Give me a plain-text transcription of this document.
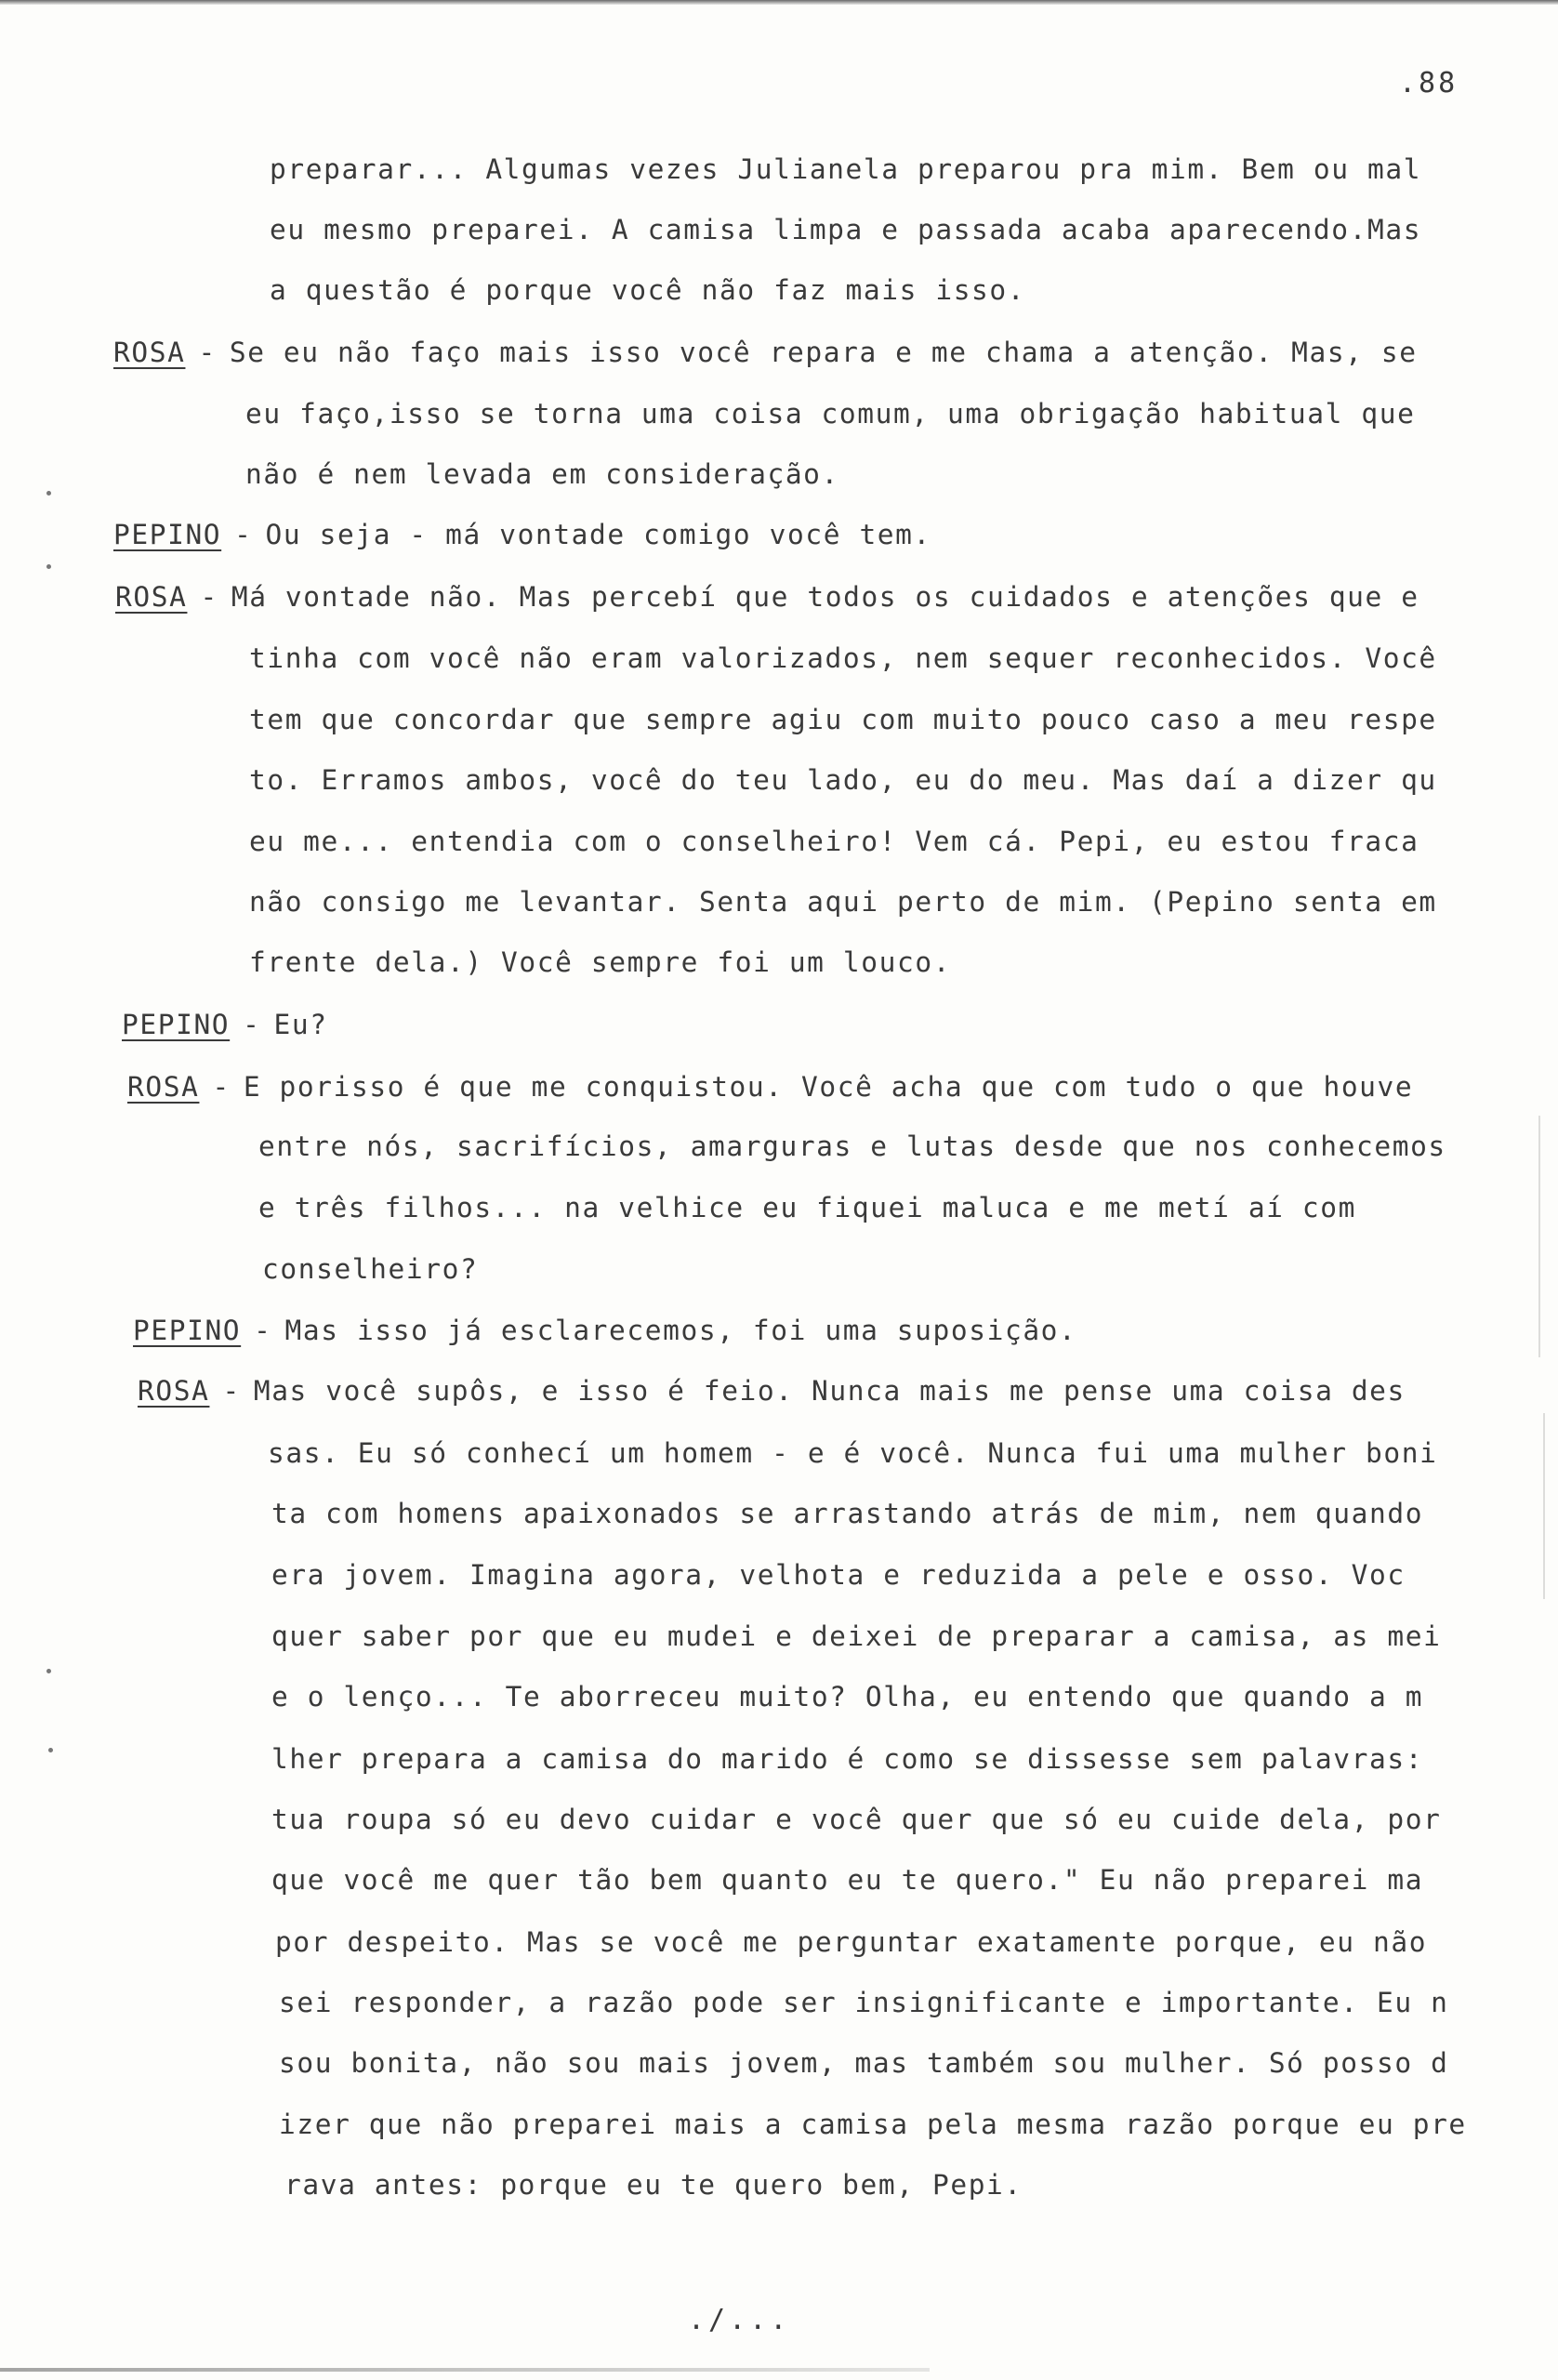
.88
preparar... Algumas vezes Julianela preparou pra mim. Bem ou mal
eu mesmo preparei. A camisa limpa e passada acaba aparecendo.Mas
a questão é porque você não faz mais isso.
ROSA - Se eu não faço mais isso você repara e me chama a atenção. Mas, se
eu faço,isso se torna uma coisa comum, uma obrigação habitual que
não é nem levada em consideração.
PEPINO - Ou seja - má vontade comigo você tem.
ROSA - Má vontade não. Mas percebí que todos os cuidados e atenções que e
tinha com você não eram valorizados, nem sequer reconhecidos. Você
tem que concordar que sempre agiu com muito pouco caso a meu respe
to. Erramos ambos, você do teu lado, eu do meu. Mas daí a dizer qu
eu me... entendia com o conselheiro! Vem cá. Pepi, eu estou fraca
não consigo me levantar. Senta aqui perto de mim. (Pepino senta em
frente dela.) Você sempre foi um louco.
PEPINO - Eu?
ROSA - E porisso é que me conquistou. Você acha que com tudo o que houve
entre nós, sacrifícios, amarguras e lutas desde que nos conhecemos
e três filhos... na velhice eu fiquei maluca e me metí aí com
conselheiro?
PEPINO - Mas isso já esclarecemos, foi uma suposição.
ROSA - Mas você supôs, e isso é feio. Nunca mais me pense uma coisa des
sas. Eu só conhecí um homem - e é você. Nunca fui uma mulher boni
ta com homens apaixonados se arrastando atrás de mim, nem quando
era jovem. Imagina agora, velhota e reduzida a pele e osso. Voc
quer saber por que eu mudei e deixei de preparar a camisa, as mei
e o lenço... Te aborreceu muito? Olha, eu entendo que quando a m
lher prepara a camisa do marido é como se dissesse sem palavras:
tua roupa só eu devo cuidar e você quer que só eu cuide dela, por
que você me quer tão bem quanto eu te quero." Eu não preparei ma
por despeito. Mas se você me perguntar exatamente porque, eu não
sei responder, a razão pode ser insignificante e importante. Eu n
sou bonita, não sou mais jovem, mas também sou mulher. Só posso d
izer que não preparei mais a camisa pela mesma razão porque eu pre
rava antes: porque eu te quero bem, Pepi.
./...
